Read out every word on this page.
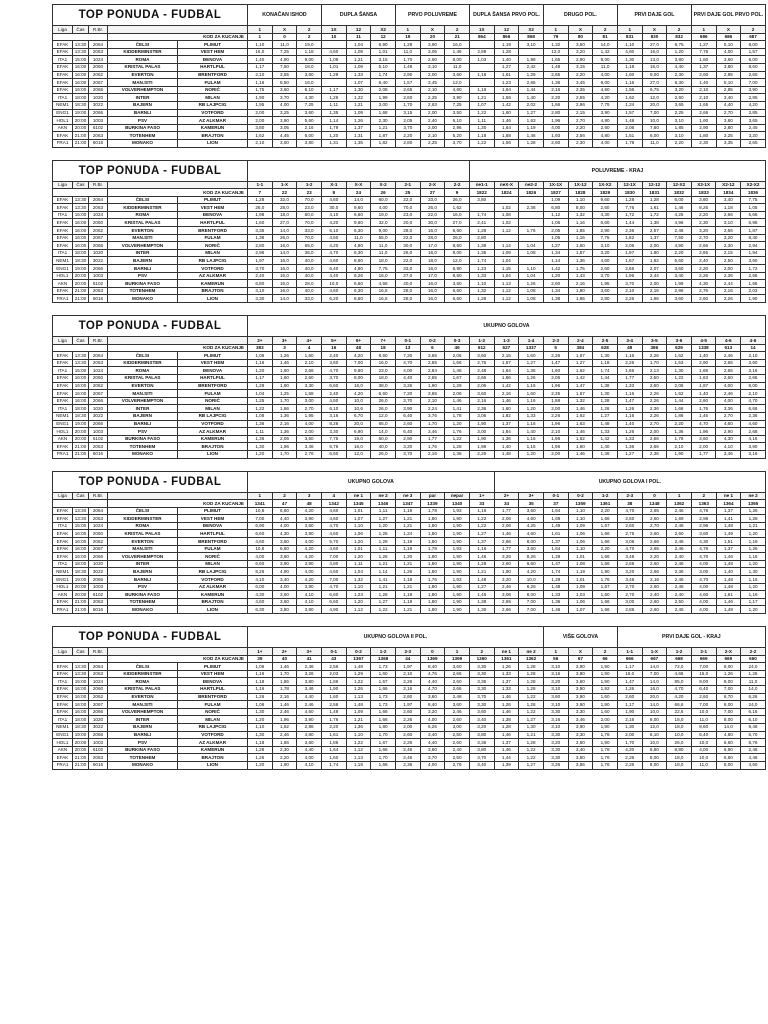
TOP PONUDA - FUDBAL					KONAČAN ISHOD			DUPLA ŠANSA			PRVO POLUVREME			DUPLA ŠANSA PRVO POL.			DRUGO POL.			PRVI DAJE GOL			PRVI DAJE GOL PRVO POL.		
Liga	Čas	R.Br.			1	X	2	1X	12	X2	1	X	2	1X	12	X2	1	X	2	1	X	2	1	X	2
			KOD ZA KUCANJE		1	0	2	10	11	12	19	20	21	864	866	868	79	80	81	831	830	832	686	686	687
ЕFAK	13:30	2064	ČELSI	PLIMUT	1,10	11,0	19,0		1,04	6,90	1,28	3,90	16,0		1,19	3,10	1,32	3,60	14,0	1,10	27,0	6,75	1,27	5,10	8,00
ЕFAK	13:30	2063	KIDDERMINSTER	VEST HEM	16,0	7,25	1,18	4,60	1,09	1,01	11,0	3,05	1,46	2,99	1,28		12,0	3,20	1,42	4,60	16,0	1,20	7,75	4,00	1,57
ITA1	15:00	1024	ROMA	ĐENOVA	1,40	4,90	9,00	1,09	1,21	3,15	1,70	2,60	8,00	1,03	1,40	1,98	1,65	2,90	8,00	1,30	13,0	3,80	1,60	3,60	6,00
ЕFAK	16:00	2060	KRISTAL PALAS	HARTLPUL	1,17	7,50	18,0	1,01	1,09	5,10	1,48	3,10	11,0		1,27	2,42	1,48	3,15	11,0	1,18	16,0	4,40	1,37	3,80	8,60
ЕFAK	16:00	2062	EVERTON	BRENTFORD	2,10	3,55	3,60	1,29	1,33	1,74	2,90	2,00	3,60	1,18	1,61	1,29	2,65	2,20	4,00	1,60	9,00	2,30	2,60	2,95	2,65
ЕFAK	16:00	2067	MAN.SITI	FULAM	1,16	8,50	16,0		1,07	6,40	1,57	3,45	12,0		1,23	2,65	1,36	3,45	9,00	1,16	27,0	6,30	1,40	5,10	7,00
ЕFAK	16:00	2066	VOLVERHEMPTON	NORIČ	1,75	3,60	6,10	1,17	1,30	2,08	2,65	2,10	4,60	1,16	1,64	1,44	2,16	2,35	4,60	1,56	6,75	3,20	2,10	2,95	3,90
ITA1	18:00	1020	INTER	MILAN	1,90	3,70	4,30	1,26	1,22	1,99	2,60	2,25	3,90	1,21	1,56	1,40	2,20	2,55	4,20	1,62	12,0	2,60	2,10	3,40	2,95
NEM1	18:30	3022	BAJERN	RB LAJPCIG	1,95	4,00	7,25	1,11	1,21	3,00	1,70	2,63	7,25	1,07	1,42	2,02	1,66	2,96	7,75	1,24	20,0	3,65	1,65	4,40	4,20
ENG1	19:00	2066	BARNLI	VOTFORD	2,00	3,25	3,60	1,35	1,09	1,68	3,15	2,00	3,50	1,22	1,60	1,27	2,80	2,15	3,90	1,57	7,00	2,25	2,66	2,70	2,85
HOL1	20:00	1003	PSV	AZ ALKMAR	2,00	3,90	5,60	1,14	1,26	2,30	2,05	2,40	6,10	1,11	1,46	1,63	1,96	2,70	4,80	1,48	10,0	3,10	1,60	3,60	3,65
AKN	20:00	6102	BURKINA FASO	KAMERUN	3,80	3,05	2,16	1,79	1,37	1,21	3,70	2,00	2,96	1,30	1,64	1,19	4,00	2,20	2,60	2,06	7,60	1,85	2,90	2,80	2,45
ЕFAK	21:00	2063	TOTENHEM	BRAJTON	1,62	4,45	6,00	1,20	1,31	1,87	2,20	2,10	5,20	1,18	1,68	1,46	1,93	2,56	4,80	1,51	6,00	3,10	1,80	3,25	3,20
FRA1	21:00	6016	MONAKO	LION	2,10	3,60	3,80	1,31	1,35	1,82	2,80	2,25	3,70	1,22	1,56	1,28	2,60	2,30	4,00	1,78	11,0	2,20	2,30	3,35	2,65
TOP PONUDA - FUDBAL														POLUVREME - KRAJ											
Liga	Čas	R.Br.			1-1	1-X	1-2	X-1	X-X	X-2	2-1	2-X	2-2	ne1-1	neX-X	ne2-2	1X-1X	1X-12	1X-X2	12-1X	12-12	12-X2	X2-1X	X2-12	X2-X2
			KOD ZA KUCANJE		7	22	23	8	24	26	25	27	9	1822	1824	1826	1827	1828	1829	1830	1831	1832	1833	1834	1836
ЕFAK	13:30	2064	ČELSI	PLIMUT	1,28	32,0	70,0	4,60	14,0	60,0	22,0	33,0	26,0	3,80			1,09	1,10	9,60	1,28	1,28	6,00	3,60	3,40	7,75
ЕFAK	13:30	2063	KIDDERMINSTER	VEST HEM	26,0	28,0	23,0	30,0	9,60	4,00	70,0	26,0	1,62		1,02	2,36	6,80	8,00	2,60	7,76	1,61	1,46	8,26	1,18	1,05
ITA1	15:00	1024	ROMA	ĐENOVA	1,98	18,0	60,0	4,10	6,60	19,0	23,0	22,0	16,0	1,74	1,08		1,12	1,32	4,30	1,72	1,72	4,25	2,20	2,66	5,66
ЕFAK	16:00	2060	KRISTAL PALAS	HARTLPUL	1,60	27,0	70,0	4,20	9,60	32,0	20,0	30,0	27,0	2,41	1,02		1,06	1,16	6,60	1,44	1,38	4,96	2,30	3,10	6,96
ЕFAK	16:00	2062	EVERTON	BRENTFORD	3,35	14,0	33,0	6,10	6,30	9,00	28,0	16,0	6,60	1,28	1,12	1,76	2,05	1,85	2,90	2,36	2,57	2,46	3,20	2,56	1,87
ЕFAK	16:00	2067	MAN.SITI	FULAM	1,38	26,0	70,0	4,50	11,0	55,0	22,0	28,0	26,0	2,80			1,05	1,16	7,75	1,82	1,37	7,50	2,70	3,20	8,40
ЕFAK	16:00	2066	VOLVERHEMPTON	NORIČ	2,80	16,0	65,0	4,20	4,90	11,0	30,0	17,0	8,60	1,38	1,14	1,04	1,27	1,60	3,10	2,06	2,00	4,90	2,66	2,30	2,94
ITA1	18:00	1020	INTER	MILAN	2,96	14,0	36,0	4,70	6,30	11,0	26,0	16,0	9,00	1,35	1,09	1,08	1,34	1,57	3,20	1,97	1,80	2,20	2,65	2,15	1,94
NEM1	18:30	3022	BAJERN	RB LAJPCIG	1,97	16,0	40,0	4,60	8,60	18,0	22,0	18,0	12,0	1,74	1,04		1,14	1,36	4,60	1,67	1,62	5,60	2,40	2,50	3,60
ENG1	19:00	2066	BARNLI	VOTFORD	3,70	16,0	40,0	6,40	4,80	7,75	33,0	16,0	6,90	1,23	1,15	1,10	1,42	1,75	2,60	2,66	2,07	3,60	2,20	2,00	1,72
HOL1	20:00	1003	PSV	AZ ALKMAR	2,40	16,0	40,0	4,40	6,26	16,0	27,0	17,0	8,60	1,33	1,04	1,04	1,20	1,43	3,70	1,96	2,44	3,40	2,26	2,36	2,66
AKN	20:00	6102	BURKINA FASO	KAMERUN	6,80	16,0	28,0	10,0	6,60	4,66	40,0	16,0	3,60	1,10	1,13	1,26	2,60	2,16	1,95	3,70	2,00	1,99	4,30	2,44	1,66
ЕFAK	21:00	2063	TOTENHEM	BRAJTON	3,10	16,0	40,0	4,60	6,30	16,6	28,0	16,0	6,60	1,32	1,12	1,08	1,34	1,80	3,60	2,10	2,16	2,96	2,76	2,16	2,03
FRA1	21:00	6016	MONAKO	LION	3,30	14,0	33,0	6,20	6,60	16,6	28,0	16,0	6,60	1,28	1,12	1,08	1,38	1,86	2,80	2,26	1,96	3,60	2,60	2,26	1,90
TOP PONUDA - FUDBAL					UKUPNO GOLOVA																				
Liga	Čas	R.Br.			2+	3+	4+	5+	6+	7+	0-1	0-2	0-3	1-2	1-3	1-4	2-3	2-4	2-5	3-4	3-5	3-6	4-5	4-6	4-6
			KOD ZA KUCANJE		383	3	4	16	48	18	13	6	46	612	627	1337	5	384	628	48	386	629	1338	613	14
ЕFAK	13:30	2064	ČELSI	PLIMUT	1,06	1,26	1,60	2,40	4,20	8,60	7,20	3,65	2,06	3,60	2,15	1,60	2,35	1,67	1,30	1,16	2,26	1,62	1,40	2,46	2,10
ЕFAK	13:30	2063	KIDDERMINSTER	VEST HEM	1,16	1,46	2,10	3,60	7,00	16,0	4,70	2,65	1,66	2,76	1,67	1,27	1,47	1,27	1,18	2,26	1,70	1,53	2,90	2,66	3,60
ITA1	15:00	1024	ROMA	ĐENOVA	1,20	1,60	2,66	4,70	9,60	23,0	4,00	2,84	1,46	2,48	1,64	1,36	1,60	1,62	1,74	1,66	2,13	1,30	1,68	2,66	3,16
ЕFAK	16:00	2060	KRISTAL PALAS	HARTLPUL	1,17	1,60	2,60	3,70	8,00	18,0	4,40	2,65	1,67	2,66	1,66	1,26	2,06	1,42	1,44	1,77	2,50	1,22	1,63	2,60	2,66
ЕFAK	16:00	2062	EVERTON	BRENTFORD	1,29	1,90	3,30	6,60	16,0	38,0	3,26	1,90	1,29	2,06	1,42	1,16	1,96	1,47	1,38	1,33	2,60	2,06	1,97	4,00	8,00
ЕFAK	16:00	2067	MAN.SITI	FULAM	1,04	1,25	1,68	2,40	4,20	6,60	7,20	3,65	2,06	3,60	2,16	1,60	2,35	1,67	1,30	1,16	2,26	1,62	1,40	2,46	2,10
ЕFAK	16:00	2066	VOLVERHEMPTON	NORIČ	1,25	1,70	3,00	4,60	10,0	26,0	3,70	2,10	1,46	2,16	1,46	1,16	1,68	1,32	1,28	1,47	2,26	1,44	2,60	4,00	4,70
ITA1	18:00	1020	INTER	MILAN	1,22	1,66	2,70	6,10	10,6	26,0	3,90	2,24	1,41	2,36	1,60	1,20	2,00	1,46	1,26	1,26	2,36	1,66	1,76	3,36	6,66
NEM1	18:30	3022	BAJERN	RB LAJPCIG	1,08	1,36	1,95	3,16	6,70	12,0	6,40	3,76	1,78	3,06	1,82	1,33	2,26	1,62	1,27	1,16	2,26	1,86	1,46	2,70	2,36
ENG1	19:00	2066	BARNLI	VOTFORD	1,36	2,16	4,00	8,26	20,0	65,0	2,60	1,70	1,20	1,90	1,37	1,16	1,96	1,63	1,48	1,40	2,70	2,20	4,70	4,60	4,60
HOL1	20:00	1003	PSV	AZ ALKMAR	1,11	1,36	2,00	3,30	6,90	14,0	6,40	3,46	1,76	3,00	1,84	1,40	2,10	1,46	1,33	1,26	2,00	1,36	1,96	2,90	2,68
AKN	20:00	6102	BURKINA FASO	KAMERUN	1,36	2,06	3,60	7,75	19,0	60,0	2,90	1,77	1,22	1,90	1,36	1,16	1,96	1,62	1,42	1,33	2,66	1,76	3,60	4,30	4,16
ЕFAK	21:00	2063	TOTENHEM	BRAJTON	1,30	1,96	3,46	6,76	16,0	40,0	3,20	1,76	1,28	1,98	1,40	1,16	1,96	1,60	1,40	1,36	2,66	2,10	2,00	4,10	3,90
FRA1	21:00	6016	MONAKO	LION	1,20	1,70	2,76	6,60	12,0	26,0	3,70	2,16	1,36	2,26	1,48	1,20	2,00	1,46	1,36	1,27	2,36	1,90	1,77	3,46	3,16
TOP PONUDA - FUDBAL					UKUPNO GOLOVA										UKUPNO GOLOVA I POL.										
Liga	Čas	R.Br.			1	2	3	4	ne 1	ne 2	ne 3	par	nepar	1+	2+	3+	0-1	0-2	1-2	2-3	0	1	2	ne 1	ne 2
			KOD ZA KUCANJE		1341	47	48	1342	1345	1346	1347	1339	1340	33	34	35	37	1359	1361	38	1348	1362	1363	1364	1365
ЕFAK	13:30	2064	ČELSI	PLIMUT	10,6	6,60	4,20	4,60	1,01	1,11	1,19	1,78	1,93	1,16	1,77	3,60	1,64	1,10	2,20	4,70	2,65	2,46	4,76	1,37	1,26
ЕFAK	13:30	2063	KIDDERMINSTER	VEST HEM	7,00	4,40	3,90	4,60	1,07	1,27	1,21	1,80	1,90	1,22	2,06	4,60	1,69	1,10	1,66	2,60	2,60	1,69	2,96	1,41	1,28
ITA1	15:00	1024	ROMA	ĐENOVA	6,90	4,00	3,60	4,70	1,10	1,20	1,21	1,80	1,90	1,22	2,06	4,25	1,49	1,09	1,67	2,60	2,70	2,46	2,96	1,48	1,21
ЕFAK	16:00	2060	KRISTAL PALAS	HARTLPUL	6,60	4,30	3,90	4,60	1,06	1,25	1,24	1,80	1,90	1,27	1,46	4,60	1,61	1,06	1,66	2,75	2,60	2,60	3,60	1,49	1,20
ЕFAK	16:00	2062	EVERTON	BRENTFORD	4,60	3,60	4,00	5,70	1,20	1,29	1,19	1,80	1,90	1,37	2,86	8,00	1,37	1,06	1,66	3,06	2,66	2,46	4,30	1,51	1,18
ЕFAK	16:00	2067	MAN.SITI	FULAM	10,6	6,60	4,20	4,60	1,01	1,11	1,19	1,78	1,93	1,16	1,77	3,60	1,64	1,10	2,20	4,70	2,65	2,46	4,76	1,37	1,26
ЕFAK	16:00	2066	VOLVERHEMPTON	NORIČ	4,00	3,60	4,20	7,00	1,20	1,26	1,20	1,80	1,90	1,46	3,26	8,26	1,29	1,01	1,66	3,46	2,20	2,40	4,70	1,46	1,16
ITA1	18:00	1020	INTER	MILAN	6,60	3,90	3,90	4,80	1,11	1,21	1,21	1,80	1,90	1,28	2,60	6,60	1,47	1,08	1,66	2,66	2,60	2,46	4,00	1,48	1,20
NEM1	18:30	3022	BAJERN	RB LAJPCIG	8,26	4,90	4,00	4,60	1,04	1,14	1,26	1,80	1,90	1,21	1,90	4,20	1,74	1,19	1,90	3,20	2,66	2,36	3,00	1,40	1,30
ENG1	19:00	2066	BARNLI	VOTFORD	4,10	3,40	4,20	7,00	1,32	1,41	1,18	1,76	1,93	1,48	3,20	10,0	1,29	1,01	1,76	3,46	2,16	2,46	4,70	1,48	1,16
HOL1	20:00	1003	PSV	AZ ALKMAR	6,00	4,00	3,90	4,70	1,10	1,21	1,21	1,80	1,90	1,27	2,46	6,26	1,48	1,09	1,67	2,70	2,60	2,46	4,00	1,48	1,20
AKN	20:00	6102	BURKINA FASO	KAMERUN	4,30	3,60	4,10	6,60	1,23	1,26	1,19	1,80	1,90	1,45	3,06	8,00	1,33	1,03	1,60	2,70	2,40	2,40	4,60	1,61	1,16
ЕFAK	21:00	2063	TOTENHEM	BRAJTON	4,60	3,60	4,10	6,60	1,20	1,27	1,19	1,80	1,90	1,38	2,65	7,00	1,36	1,06	1,66	3,00	2,60	2,50	4,00	1,46	1,17
FRA1	21:00	6016	MONAKO	LION	6,30	3,80	3,90	4,90	1,12	1,22	1,21	1,80	1,90	1,30	2,66	7,00	1,46	1,07	1,66	2,86	2,60	2,46	4,00	1,48	1,20
TOP PONUDA - FUDBAL					UKUPNO GOLOVA II POL.												VIŠE GOLOVA			PRVI DAJE GOL - KRAJ					
Liga	Čas	R.Br.			1+	2+	3+	0-1	0-2	1-2	2-3	0	1	2	ne 1	ne 2	1	X	2	1-1	1-X	1-2	2-1	2-X	2-2
			KOD ZA KUCANJE		39	40	41	43	1367	1368	44	1369	1369	1360	1361	1362	56	67	66	666	667	668	669	669	660
ЕFAK	13:30	2064	ČELSI	PLIMUT	1,06	1,46	2,46	2,56	1,48	1,73	1,97	8,40	3,60	3,30	1,26	1,28	3,10	3,90	1,90	1,17	14,0	72,0	7,00	8,00	24,0
ЕFAK	13:30	2063	KIDDERMINSTER	VEST HEM	1,16	1,70	3,26	2,03	1,29	1,60	2,10	4,76	2,66	3,30	1,33	1,28	3,16	3,80	1,90	16,0	7,00	4,66	15,0	1,26	1,26
ITA1	15:00	1024	ROMA	ĐENOVA	1,18	1,86	3,80	1,86	1,22	1,67	2,26	4,40	2,60	3,36	1,37	1,28	3,20	3,60	1,90	1,47	14,0	85,0	9,00	8,00	11,0
ЕFAK	16:00	2060	KRISTAL PALAS	HARTLPUL	1,16	1,78	3,46	1,90	1,26	1,66	2,16	4,70	2,66	3,30	1,33	1,28	3,10	3,90	1,92	1,26	16,0	4,70	6,40	7,00	14,0
ЕFAK	16:00	2062	EVERTON	BRENTFORD	1,26	2,16	4,40	1,60	1,13	1,73	2,60	3,60	2,46	3,70	1,46	1,22	3,60	3,90	1,60	2,60	20,0	4,20	2,60	6,70	6,26
ЕFAK	16:00	2067	MAN.SITI	FULAM	1,06	1,46	2,46	2,56	1,48	1,73	1,97	8,40	3,60	3,30	1,26	1,28	3,10	3,90	1,90	1,17	14,0	66,6	7,00	8,00	24,0
ЕFAK	16:00	2066	VOLVERHEMPTON	NORIČ	1,30	2,46	4,60	1,49	1,09	1,66	2,60	3,20	2,46	3,60	1,46	1,22	3,30	3,30	1,60	1,90	10,0	22,6	10,0	7,00	6,16
ITA1	18:00	1020	INTER	MILAN	1,20	1,96	3,90	1,76	1,21	1,66	2,26	4,00	2,60	3,40	1,38	1,27	3,16	3,46	2,00	2,16	8,00	18,0	11,0	8,00	6,10
NEM1	18:30	3022	BAJERN	RB LAJPCIG	1,10	1,62	2,86	2,20	1,36	1,80	2,00	6,26	3,00	3,20	1,28	1,30	3,10	3,90	1,90	1,30	12,0	18,0	8,60	14,0	9,46
ENG1	19:00	2066	BARNLI	VOTFORD	1,30	2,46	4,80	1,61	1,10	1,70	2,60	3,40	2,50	3,80	1,46	1,21	3,30	3,30	1,76	2,00	6,10	10,0	6,40	4,60	6,70
HOL1	20:00	1003	PSV	AZ ALKMAR	1,18	1,86	3,60	1,86	1,22	1,67	2,26	4,40	2,60	3,36	1,37	1,28	3,20	3,60	1,90	1,70	10,0	26,0	10,0	6,60	8,76
AKN	20:00	6102	BURKINA FASO	KAMERUN	1,28	2,30	4,40	1,64	1,12	1,66	2,46	3,60	2,40	3,80	1,46	1,22	3,30	3,40	1,78	4,20	6,60	8,80	4,00	6,90	2,46
ЕFAK	21:00	2063	TOTENHEM	BRAJTON	1,26	2,20	4,00	1,60	1,13	1,70	2,46	3,70	2,50	3,70	1,44	1,22	3,30	3,60	1,76	2,26	8,00	18,0	10,0	6,60	4,46
FRA1	21:00	6016	MONAKO	LION	1,20	1,90	4,10	1,74	1,19	1,66	2,36	4,00	2,76	3,40	1,39	1,27	3,26	3,86	1,76	2,26	8,00	18,0	11,0	8,00	4,60
